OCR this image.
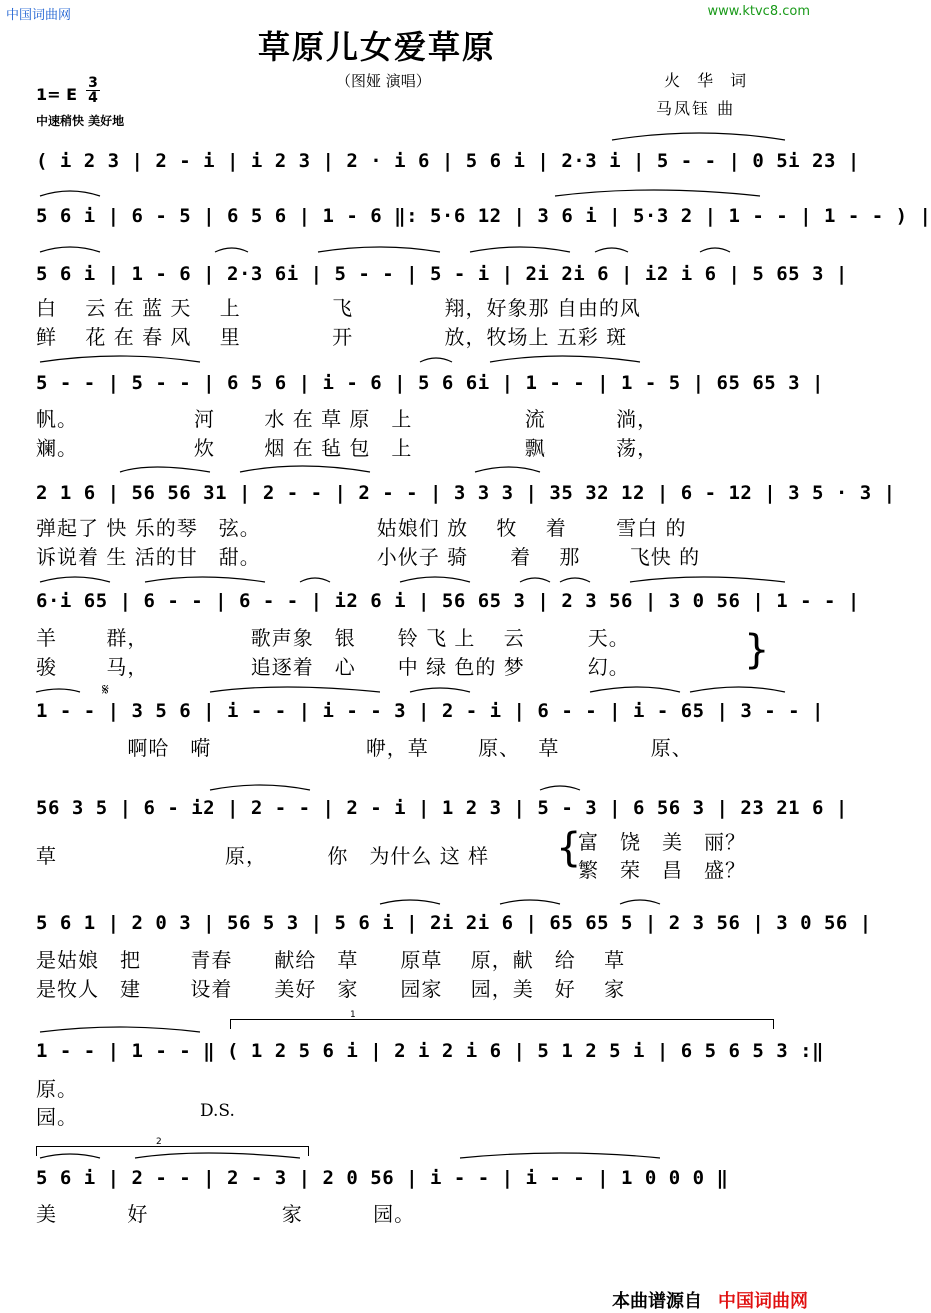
中国词曲网	www.ktvc8.com
草原儿女爱草原
（图娅 演唱）	火 华 词
马凤钰 曲
1= E $\frac{3}{4}$
中速稍快 美好地
( i 2 3 | 2 - i | i 2 3 | 2 · i 6 | 5 6 i | 2·3 i | 5 - - | 0 5i 23 |
5 6 i | 6 - 5 | 6 5 6 | 1 - 6 ‖: 5·6 12 | 3 6 i | 5·3 2 | 1 - - | 1 - - ) |
5 6 i | 1 - 6 | 2·3 6i | 5 - - | 5 - i | 2i 2i 6 | i2 i 6 | 5 65 3 |
白　 云 在 蓝 天　 上　　　　 飞　　　　 翔，好象那 自由的风
鲜　 花 在 春 风　 里　　　　 开　　　　 放，牧场上 五彩 斑
5 - - | 5 - - | 6 5 6 | i - 6 | 5 6 6i | 1 - - | 1 - 5 | 65 65 3 |
帆。　　　　　　河　　 水 在 草 原　上　　　　　 流　　　 淌，
斓。　　　　　　炊　　 烟 在 毡 包　上　　　　　 飘　　　 荡，
2 1 6 | 56 56 31 | 2 - - | 2 - - | 3 3 3 | 35 32 12 | 6 - 12 | 3 5 · 3 |
弹起了 快 乐的琴　弦。　　　　　　姑娘们 放　 牧　 着　　 雪白 的
诉说着 生 活的甘　甜。　　　　　　小伙子 骑　　着　 那　　 飞快 的
6·i 65 | 6 - - | 6 - - | i2 6 i | 56 65 3 | 2 3 56 | 3 0 56 | 1 - - |
羊　　 群，　　　　　 歌声象　银　　铃 飞 上　 云　　　天。
骏　　 马，　　　　　 追逐着　心　　中 绿 色的 梦　　　幻。	}
𝄋
1 - - | 3 5 6 | i - - | i - - 3 | 2 - i | 6 - - | i - 65 | 3 - - |
　　　　 啊哈　嗬　　　　　　　 咿，草　　 原、　 草　　　　 原、
56 3 5 | 6 - i2 | 2 - - | 2 - i | 1 2 3 | 5 - 3 | 6 56 3 | 23 21 6 |
草　　　　　　　　原，　　　 你　为什么 这 样 {
富　饶　美　丽？
繁　荣　昌　盛？
5 6 1 | 2 0 3 | 56 5 3 | 5 6 i | 2i 2i 6 | 65 65 5 | 2 3 56 | 3 0 56 |
是姑娘　把　　 青春　　献给　草　　原草　 原，献　给　 草
是牧人　建　　 设着　　美好　家　　园家　 园，美　好　 家
1
1 - - | 1 - - ‖ ( 1 2 5 6 i | 2 i 2 i 6 | 5 1 2 5 i | 6 5 6 5 3 :‖
原。
园。	D.S.
2
5 6 i | 2 - - | 2 - 3 | 2 0 56 | i - - | i - - | 1 0 0 0 ‖
美　　　 好　　　　　　 家　　　 园。
本曲谱源自 中国词曲网
